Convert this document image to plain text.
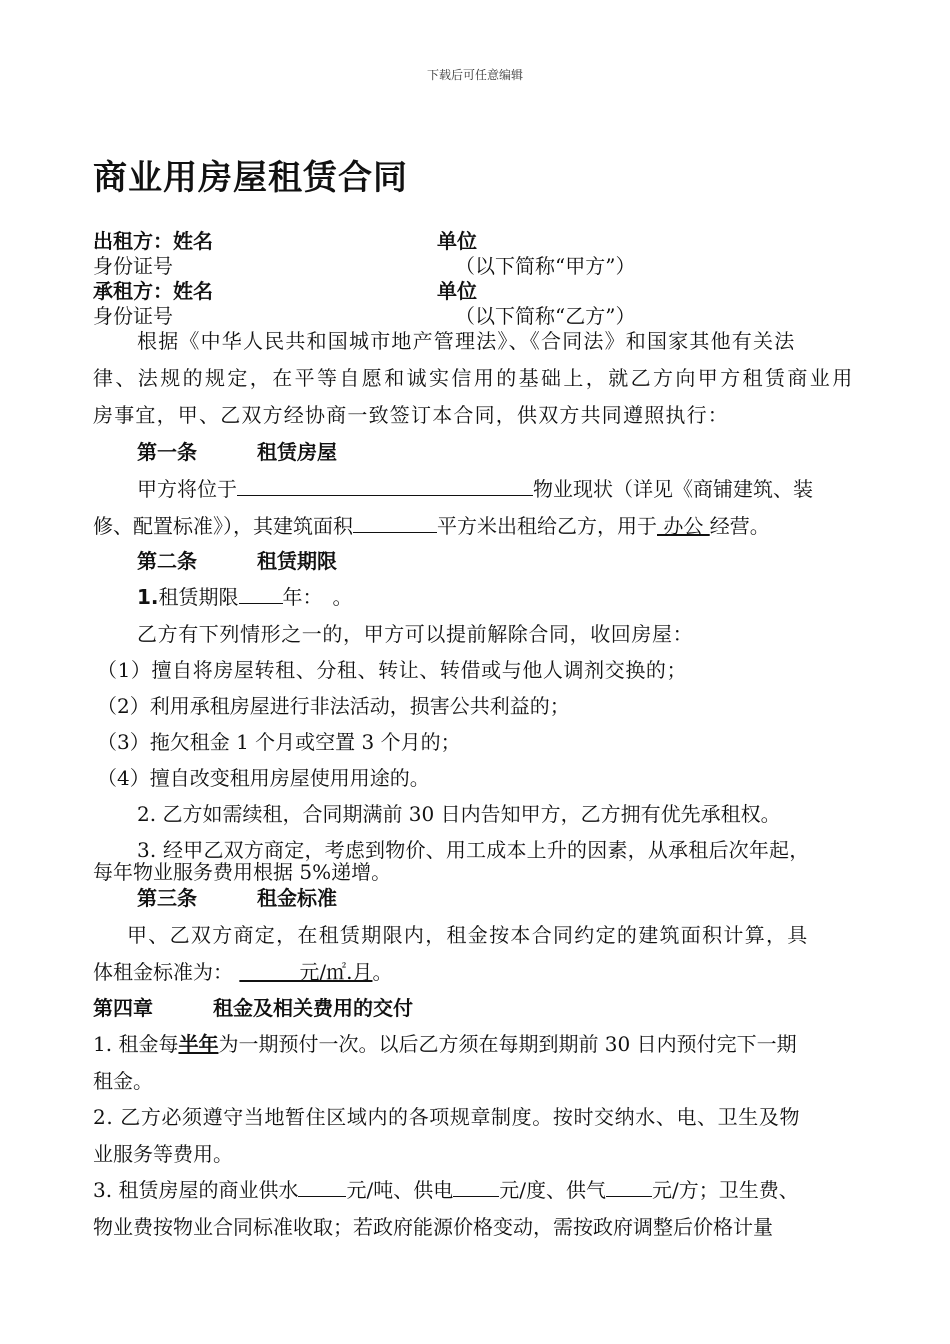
下载后可任意编辑
商业用房屋租赁合同
出租方：姓名	单位
身份证号	（以下简称“甲方”）
承租方：姓名	单位
身份证号	（以下简称“乙方”）
根据《中华人民共和国城市地产管理法》、《合同法》和国家其他有关法
律、法规的规定，在平等自愿和诚实信用的基础上，就乙方向甲方租赁商业用
房事宜，甲、乙双方经协商一致签订本合同，供双方共同遵照执行：
第一条　　　租赁房屋
甲方将位于	物业现状（详见《商铺建筑、装
修、配置标准》），其建筑面积	平方米出租给乙方，用于 办公 经营。
第二条　　　租赁期限
1.租赁期限 年：　。
乙方有下列情形之一的，甲方可以提前解除合同，收回房屋：
（1）擅自将房屋转租、分租、转让、转借或与他人调剂交换的；
（2）利用承租房屋进行非法活动，损害公共利益的；
（3）拖欠租金 1 个月或空置 3 个月的；
（4）擅自改变租用房屋使用用途的。
2. 乙方如需续租，合同期满前 30 日内告知甲方，乙方拥有优先承租权。
3. 经甲乙双方商定，考虑到物价、用工成本上升的因素，从承租后次年起，
每年物业服务费用根据 5%递增。
第三条　　　租金标准
甲、乙双方商定，在租赁期限内，租金按本合同约定的建筑面积计算，具
体租金标准为： 　　　元/㎡.月。
第四章　　　租金及相关费用的交付
1. 租金每半年为一期预付一次。以后乙方须在每期到期前 30 日内预付完下一期
租金。
2. 乙方必须遵守当地暂住区域内的各项规章制度。按时交纳水、电、卫生及物
业服务等费用。
3. 租赁房屋的商业供水 元/吨、供电 元/度、供气 元/方；卫生费、
物业费按物业合同标准收取；若政府能源价格变动，需按政府调整后价格计量
